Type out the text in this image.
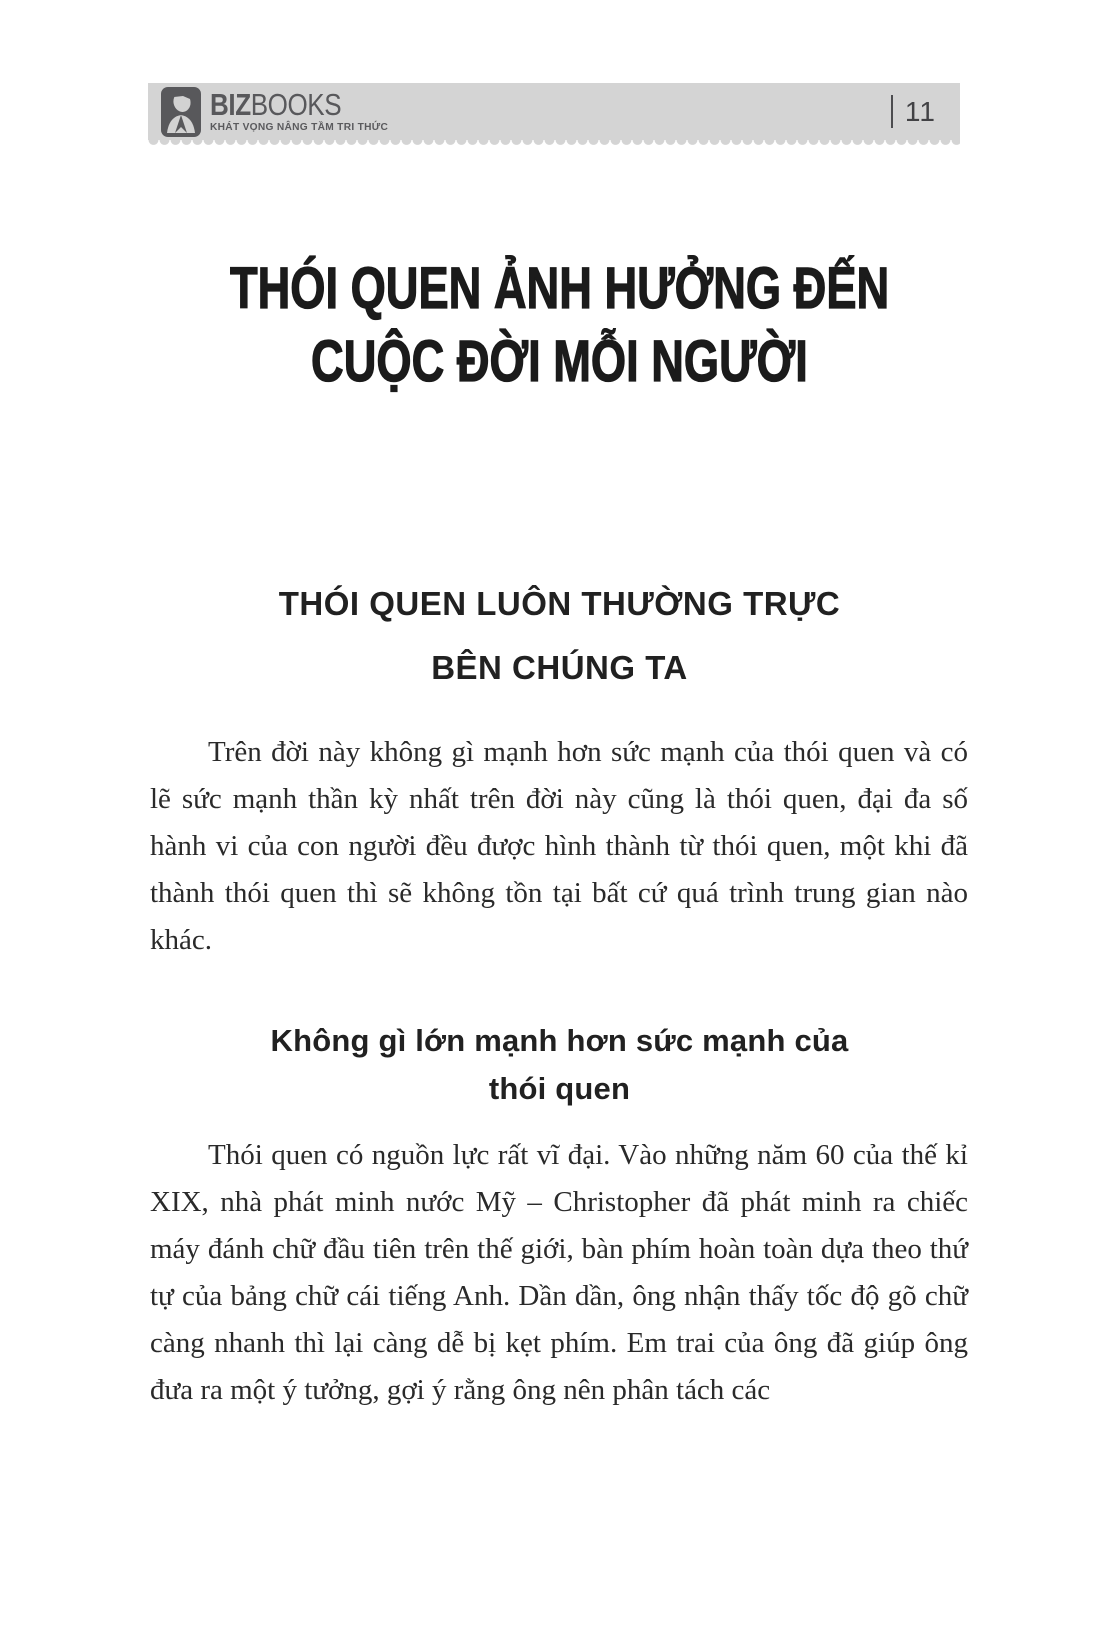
BIZBOOKS
KHÁT VỌNG NÂNG TẦM TRI THỨC
11
THÓI QUEN ẢNH HƯỞNG ĐẾN
CUỘC ĐỜI MỖI NGƯỜI
THÓI QUEN LUÔN THƯỜNG TRỰC
BÊN CHÚNG TA

Trên đời này không gì mạnh hơn sức mạnh của thói quen và có lẽ sức mạnh thần kỳ nhất trên đời này cũng là thói quen, đại đa số hành vi của con người đều được hình thành từ thói quen, một khi đã thành thói quen thì sẽ không tồn tại bất cứ quá trình trung gian nào khác.

Không gì lớn mạnh hơn sức mạnh của
thói quen

Thói quen có nguồn lực rất vĩ đại. Vào những năm 60 của thế kỉ XIX, nhà phát minh nước Mỹ – Christopher đã phát minh ra chiếc máy đánh chữ đầu tiên trên thế giới, bàn phím hoàn toàn dựa theo thứ tự của bảng chữ cái tiếng Anh. Dần dần, ông nhận thấy tốc độ gõ chữ càng nhanh thì lại càng dễ bị kẹt phím. Em trai của ông đã giúp ông đưa ra một ý tưởng, gợi ý rằng ông nên phân tách các
